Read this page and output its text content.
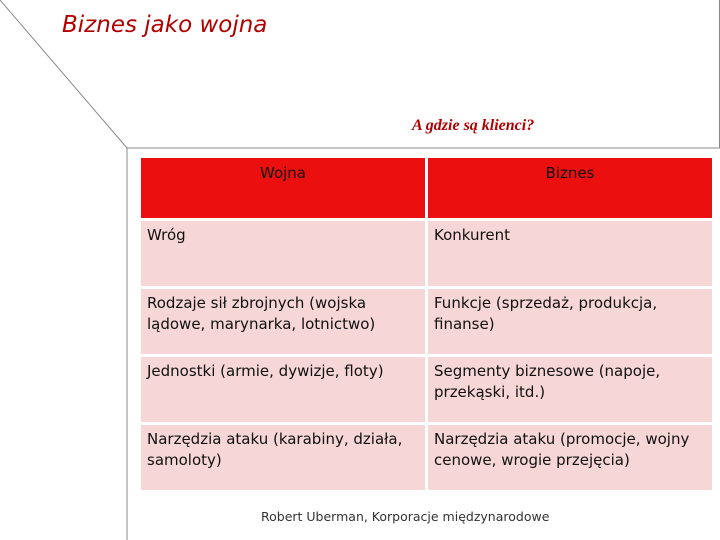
Biznes jako wojna
A gdzie są klienci?
Wojna	Biznes
Wróg	Konkurent
Rodzaje sił zbrojnych (wojska lądowe, marynarka, lotnictwo)	Funkcje (sprzedaż, produkcja, finanse)
Jednostki (armie, dywizje, floty)	Segmenty biznesowe (napoje, przekąski, itd.)
Narzędzia ataku (karabiny, działa, samoloty)	Narzędzia ataku (promocje, wojny cenowe, wrogie przejęcia)
Robert Uberman, Korporacje międzynarodowe
